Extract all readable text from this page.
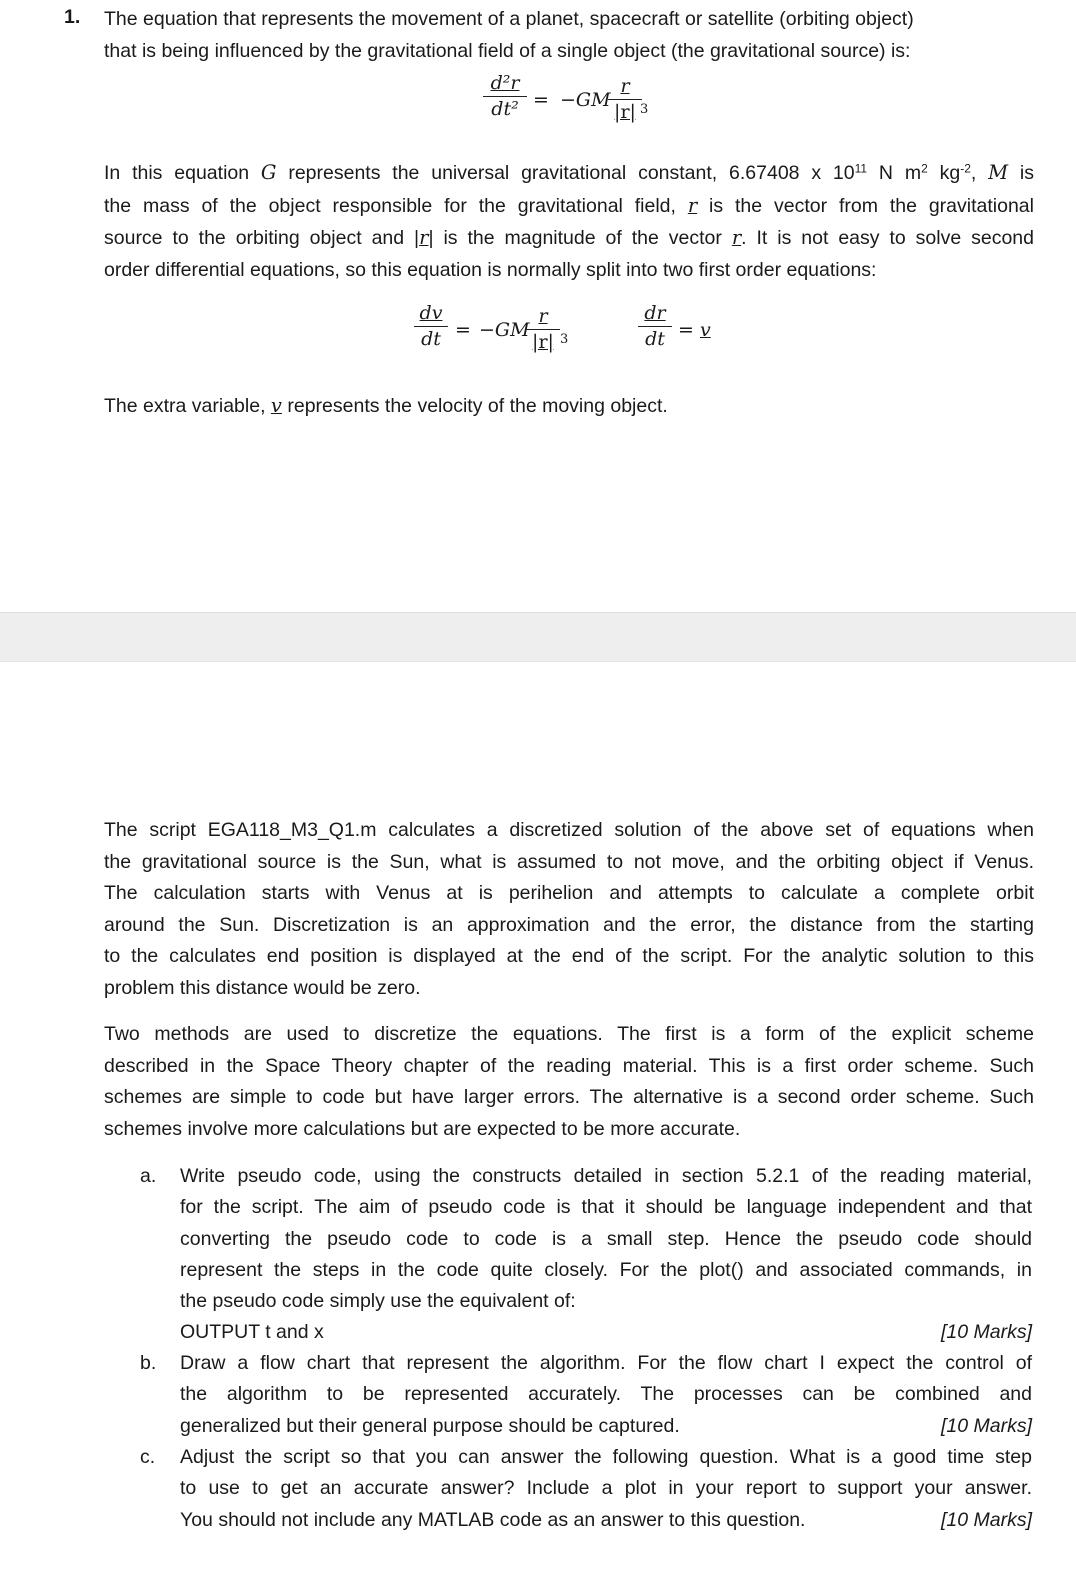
1. The equation that represents the movement of a planet, spacecraft or satellite (orbiting object)
that is being influenced by the gravitational field of a single object (the gravitational source) is:
$\frac{\text{d²r}}{\text{dt²}} = -GM$
$\frac{r}{|r|}$
3
In this equation G represents the universal gravitational constant, 6.67408 x $10^{11}$ N $m^2$ $kg^{-2}$, M is
the mass of the object responsible for the gravitational field, r is the vector from the gravitational
source to the orbiting object and |r| is the magnitude of the vector r. It is not easy to solve second
order differential equations, so this equation is normally split into two first order equations:
$\frac{dv}{dt} = -GM$
$\frac{r}{|r|} 3$	$\frac{dr}{dt} = v$
The extra variable, v represents the velocity of the moving object.
The script EGA118_M3_Q1.m calculates a discretized solution of the above set of equations when
the gravitational source is the Sun, what is assumed to not move, and the orbiting object if Venus.
The calculation starts with Venus at is perihelion and attempts to calculate a complete orbit
around the Sun. Discretization is an approximation and the error, the distance from the starting
to the calculates end position is displayed at the end of the script. For the analytic solution to this
problem this distance would be zero.
Two methods are used to discretize the equations. The first is a form of the explicit scheme
described in the Space Theory chapter of the reading material. This is a first order scheme. Such
schemes are simple to code but have larger errors. The alternative is a second order scheme. Such
schemes involve more calculations but are expected to be more accurate.
a. Write pseudo code, using the constructs detailed in section 5.2.1 of the reading material,
for the script. The aim of pseudo code is that it should be language independent and that
converting the pseudo code to code is a small step. Hence the pseudo code should
represent the steps in the code quite closely. For the plot() and associated commands, in
the pseudo code simply use the equivalent of:
OUTPUT t and x	[10 Marks]
b. Draw a flow chart that represent the algorithm. For the flow chart I expect the control of
the algorithm to be represented accurately. The processes can be combined and
generalized but their general purpose should be captured.	[10 Marks]
c. Adjust the script so that you can answer the following question. What is a good time step
to use to get an accurate answer? Include a plot in your report to support your answer.
You should not include any MATLAB code as an answer to this question.	[10 Marks]
